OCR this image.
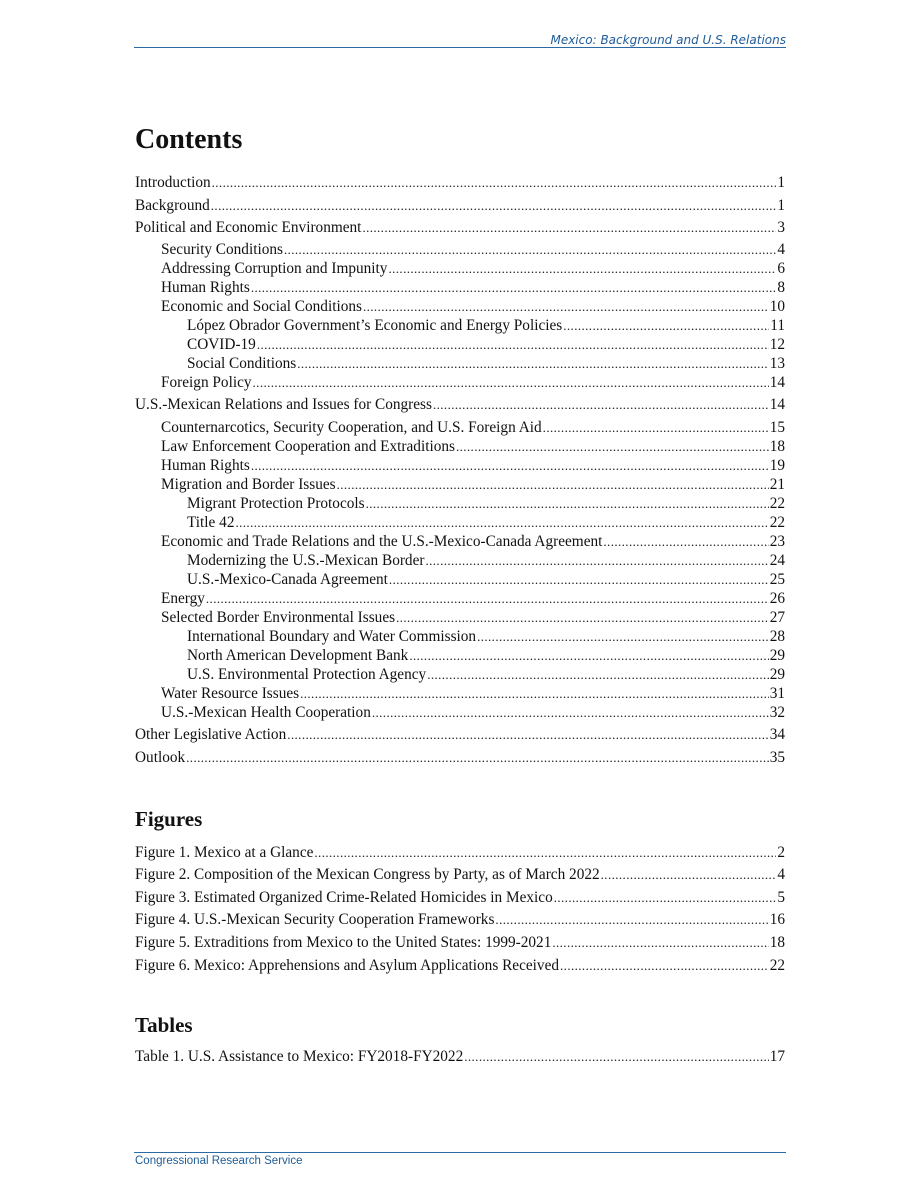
Mexico: Background and U.S. Relations
Contents
Introduction .....	1
Background .....	1
Political and Economic Environment .....	3
Security Conditions .....	4
Addressing Corruption and Impunity .....	6
Human Rights .....	8
Economic and Social Conditions .....	10
López Obrador Government’s Economic and Energy Policies .....	11
COVID-19 .....	12
Social Conditions .....	13
Foreign Policy .....	14
U.S.-Mexican Relations and Issues for Congress .....	14
Counternarcotics, Security Cooperation, and U.S. Foreign Aid .....	15
Law Enforcement Cooperation and Extraditions .....	18
Human Rights .....	19
Migration and Border Issues .....	21
Migrant Protection Protocols .....	22
Title 42 .....	22
Economic and Trade Relations and the U.S.-Mexico-Canada Agreement .....	23
Modernizing the U.S.-Mexican Border .....	24
U.S.-Mexico-Canada Agreement .....	25
Energy .....	26
Selected Border Environmental Issues .....	27
International Boundary and Water Commission .....	28
North American Development Bank .....	29
U.S. Environmental Protection Agency .....	29
Water Resource Issues .....	31
U.S.-Mexican Health Cooperation .....	32
Other Legislative Action .....	34
Outlook .....	35
Figures
Figure 1. Mexico at a Glance .....	2
Figure 2. Composition of the Mexican Congress by Party, as of March 2022 .....	4
Figure 3. Estimated Organized Crime-Related Homicides in Mexico .....	5
Figure 4. U.S.-Mexican Security Cooperation Frameworks .....	16
Figure 5. Extraditions from Mexico to the United States: 1999-2021 .....	18
Figure 6. Mexico: Apprehensions and Asylum Applications Received .....	22
Tables
Table 1. U.S. Assistance to Mexico: FY2018-FY2022 .....	17
Congressional Research Service
